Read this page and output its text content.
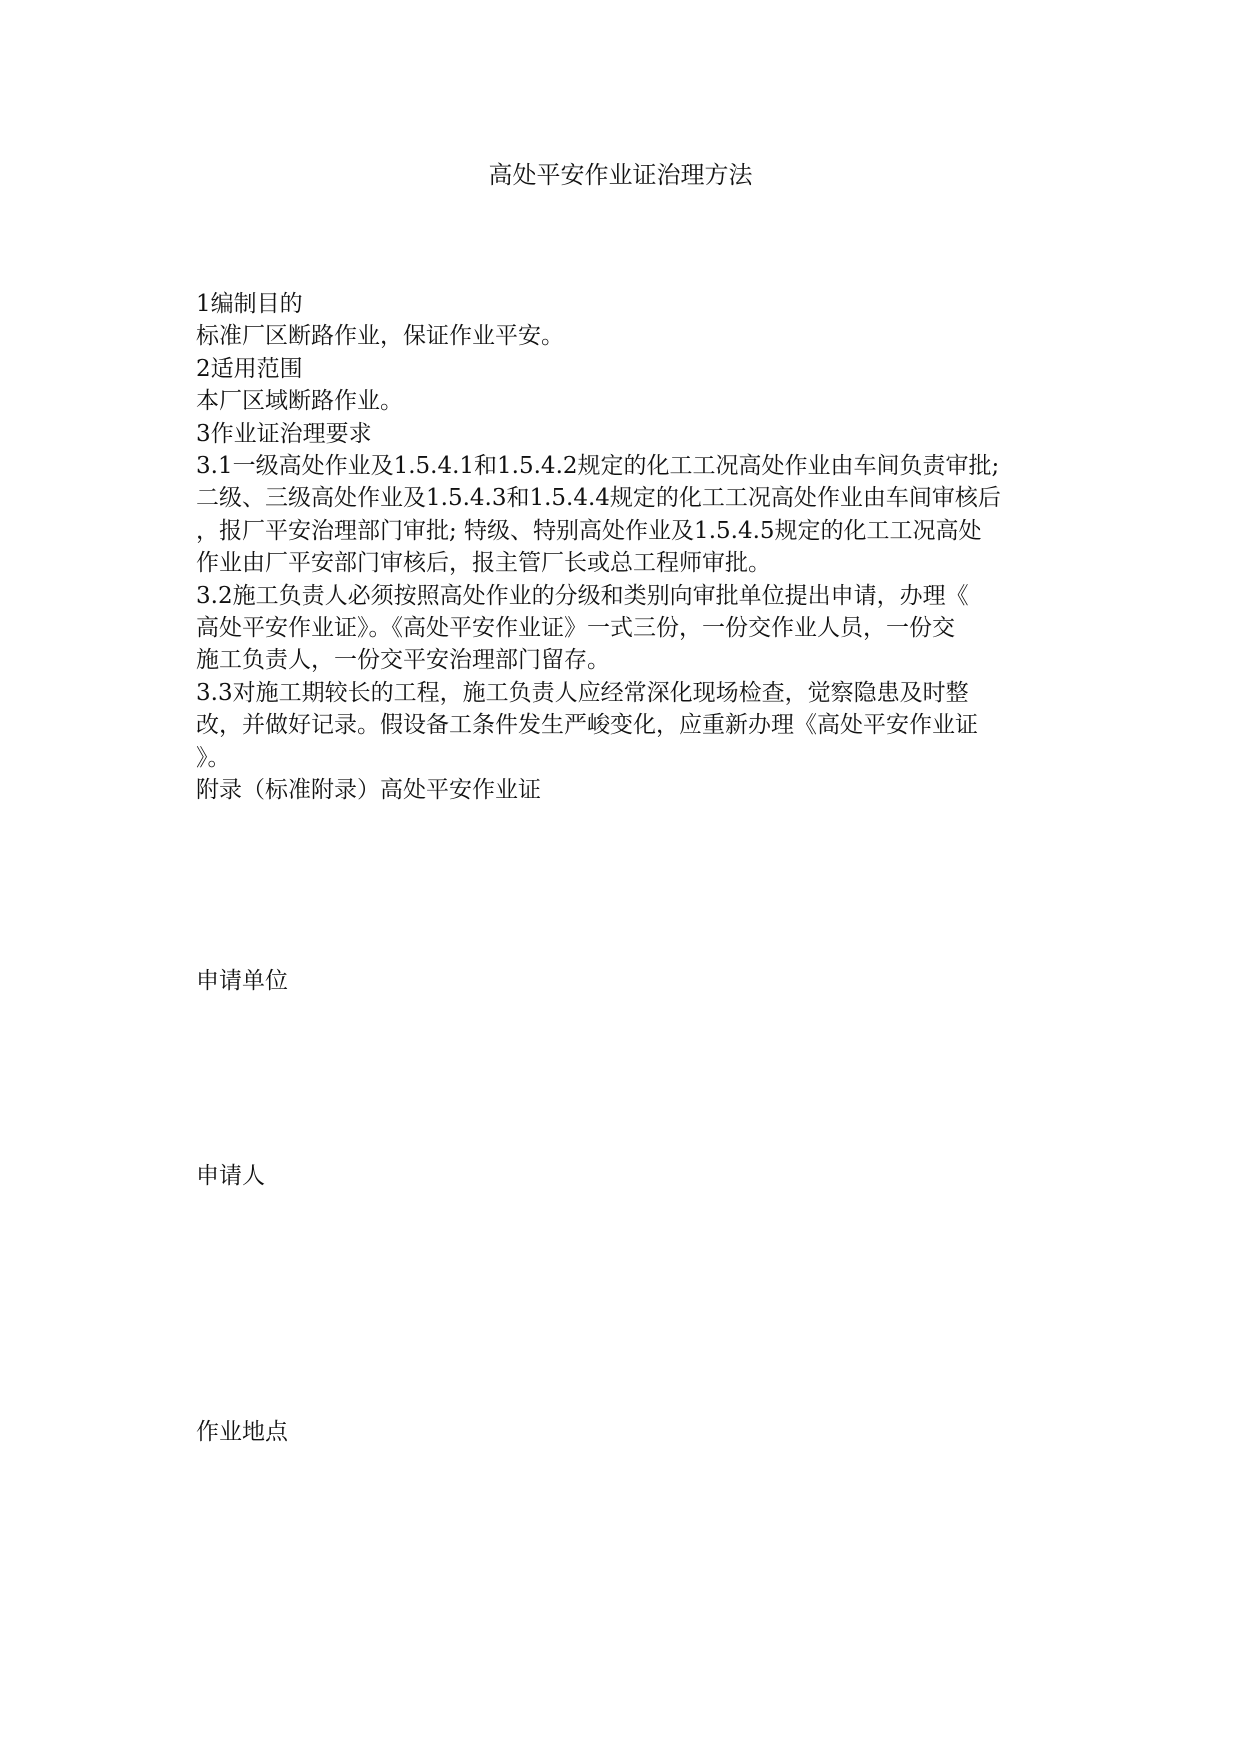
高处平安作业证治理方法

1编制目的

标准厂区断路作业，保证作业平安。

2适用范围

本厂区域断路作业。

3作业证治理要求

3.1一级高处作业及1.5.4.1和1.5.4.2规定的化工工况高处作业由车间负责审批;

二级、三级高处作业及1.5.4.3和1.5.4.4规定的化工工况高处作业由车间审核后

，报厂平安治理部门审批; 特级、特别高处作业及1.5.4.5规定的化工工况高处

作业由厂平安部门审核后，报主管厂长或总工程师审批。

3.2施工负责人必须按照高处作业的分级和类别向审批单位提出申请，办理《

高处平安作业证》。《高处平安作业证》一式三份，一份交作业人员，一份交

施工负责人，一份交平安治理部门留存。

3.3对施工期较长的工程，施工负责人应经常深化现场检查，觉察隐患及时整

改，并做好记录。假设备工条件发生严峻变化，应重新办理《高处平安作业证

》。

附录（标准附录）高处平安作业证

申请单位

申请人

作业地点
